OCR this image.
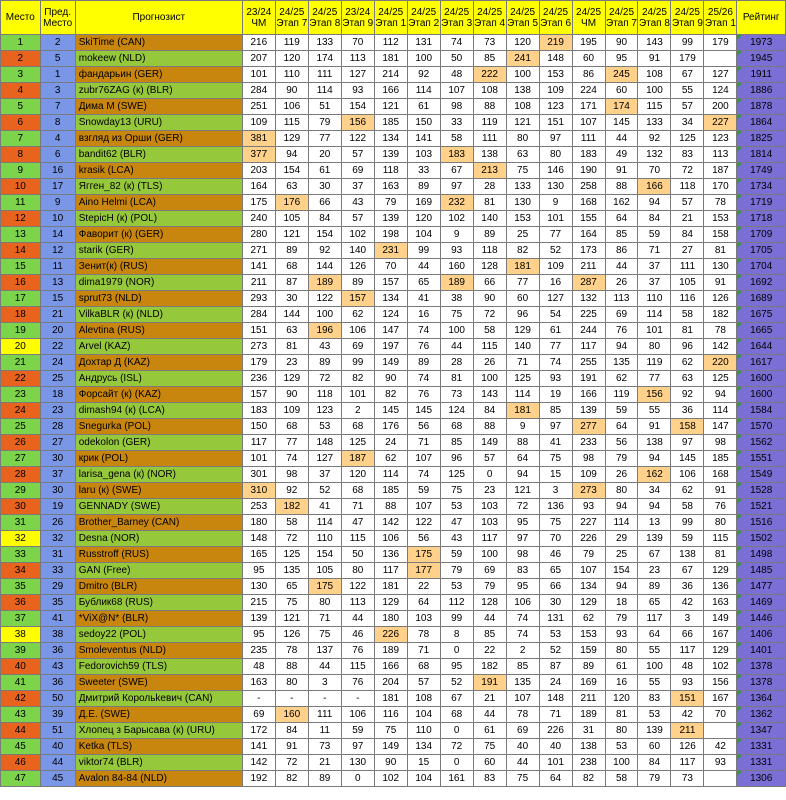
Место	Пред. Место	Прогнозист	23/24 ЧМ	24/25 Этап 7	24/25 Этап 8	23/24 Этап 9	24/25 Этап 1	24/25 Этап 2	24/25 Этап 3	24/25 Этап 4	24/25 Этап 5	24/25 Этап 6	24/25 ЧМ	24/25 Этап 7	24/25 Этап 8	24/25 Этап 9	25/26 Этап 1	Рейтинг
1	2	SkiTime (CAN)	216	119	133	70	112	131	74	73	120	219	195	90	143	99	179	1973
2	5	mokeew (NLD)	207	120	174	113	181	100	50	85	241	148	60	95	91	179		1945
3	1	фандарьин (GER)	101	110	111	127	214	92	48	222	100	153	86	245	108	67	127	1911
4	3	zubr76ZAG (к) (BLR)	284	90	114	93	166	114	107	108	138	109	224	60	100	55	124	1886
5	7	Дима М (SWE)	251	106	51	154	121	61	98	88	108	123	171	174	115	57	200	1878
6	8	Snowday13 (URU)	109	115	79	156	185	150	33	119	121	151	107	145	133	34	227	1864
7	4	взгляд из Орши (GER)	381	129	77	122	134	141	58	111	80	97	111	44	92	125	123	1825
8	6	bandit62 (BLR)	377	94	20	57	139	103	183	138	63	80	183	49	132	83	113	1814
9	16	krasik (LCA)	203	154	61	69	118	33	67	213	75	146	190	91	70	72	187	1749
10	17	Ягген_82 (к) (TLS)	164	63	30	37	163	89	97	28	133	130	258	88	166	118	170	1734
11	9	Aino Helmi (LCA)	175	176	66	43	79	169	232	81	130	9	168	162	94	57	78	1719
12	10	StepicH (к) (POL)	240	105	84	57	139	120	102	140	153	101	155	64	84	21	153	1718
13	14	Фаворит (к) (GER)	280	121	154	102	198	104	9	89	25	77	164	85	59	84	158	1709
14	12	starik (GER)	271	89	92	140	231	99	93	118	82	52	173	86	71	27	81	1705
15	11	Зенит(к) (RUS)	141	68	144	126	70	44	160	128	181	109	211	44	37	111	130	1704
16	13	dima1979 (NOR)	211	87	189	89	157	65	189	66	77	16	287	26	37	105	91	1692
17	15	sprut73 (NLD)	293	30	122	157	134	41	38	90	60	127	132	113	110	116	126	1689
18	21	VilkaBLR (к) (NLD)	284	144	100	62	124	16	75	72	96	54	225	69	114	58	182	1675
19	20	Alevtina (RUS)	151	63	196	106	147	74	100	58	129	61	244	76	101	81	78	1665
20	22	Arvel (KAZ)	273	81	43	69	197	76	44	115	140	77	117	94	80	96	142	1644
21	24	Дохтар Д (KAZ)	179	23	89	99	149	89	28	26	71	74	255	135	119	62	220	1617
22	25	Андрусь (ISL)	236	129	72	82	90	74	81	100	125	93	191	62	77	63	125	1600
23	18	Форсайт (к) (KAZ)	157	90	118	101	82	76	73	143	114	19	166	119	156	92	94	1600
24	23	dimash94 (к) (LCA)	183	109	123	2	145	145	124	84	181	85	139	59	55	36	114	1584
25	28	Snegurka (POL)	150	68	53	68	176	56	68	88	9	97	277	64	91	158	147	1570
26	27	odekolon (GER)	117	77	148	125	24	71	85	149	88	41	233	56	138	97	98	1562
27	30	крик (POL)	101	74	127	187	62	107	96	57	64	75	98	79	94	145	185	1551
28	37	larisa_gena (к) (NOR)	301	98	37	120	114	74	125	0	94	15	109	26	162	106	168	1549
29	30	laru (к) (SWE)	310	92	52	68	185	59	75	23	121	3	273	80	34	62	91	1528
30	19	GENNADY (SWE)	253	182	41	71	88	107	53	103	72	136	93	94	94	58	76	1521
31	26	Brother_Barney (CAN)	180	58	114	47	142	122	47	103	95	75	227	114	13	99	80	1516
32	32	Desna (NOR)	148	72	110	115	106	56	43	117	97	70	226	29	139	59	115	1502
33	31	Russtroff (RUS)	165	125	154	50	136	175	59	100	98	46	79	25	67	138	81	1498
34	33	GAN (Free)	95	135	105	80	117	177	79	69	83	65	107	154	23	67	129	1485
35	29	Dmitro (BLR)	130	65	175	122	181	22	53	79	95	66	134	94	89	36	136	1477
36	35	Бублик68 (RUS)	215	75	80	113	129	64	112	128	106	30	129	18	65	42	163	1469
37	41	*ViX@N* (BLR)	139	121	71	44	180	103	99	44	74	131	62	79	117	3	149	1446
38	38	sedoy22 (POL)	95	126	75	46	226	78	8	85	74	53	153	93	64	66	167	1406
39	36	Smoleventus (NLD)	235	78	137	76	189	71	0	22	2	52	159	80	55	117	129	1401
40	43	Fedorovich59 (TLS)	48	88	44	115	166	68	95	182	85	87	89	61	100	48	102	1378
41	36	Sweeter (SWE)	163	80	3	76	204	57	52	191	135	24	169	16	55	93	156	1378
42	50	Дмитрий Корольkевич (CAN)	-	-	-	-	181	108	67	21	107	148	211	120	83	151	167	1364
43	39	Д.Е. (SWE)	69	160	111	106	116	104	68	44	78	71	189	81	53	42	70	1362
44	51	Хлопец з Барысава (к) (URU)	172	84	11	59	75	110	0	61	69	226	31	80	139	211		1347
45	40	Ketka (TLS)	141	91	73	97	149	134	72	75	40	40	138	53	60	126	42	1331
46	44	viktor74 (BLR)	142	72	21	130	90	15	0	60	44	101	238	100	84	117	93	1331
47	45	Avalon 84-84 (NLD)	192	82	89	0	102	104	161	83	75	64	82	58	79	73		1306
